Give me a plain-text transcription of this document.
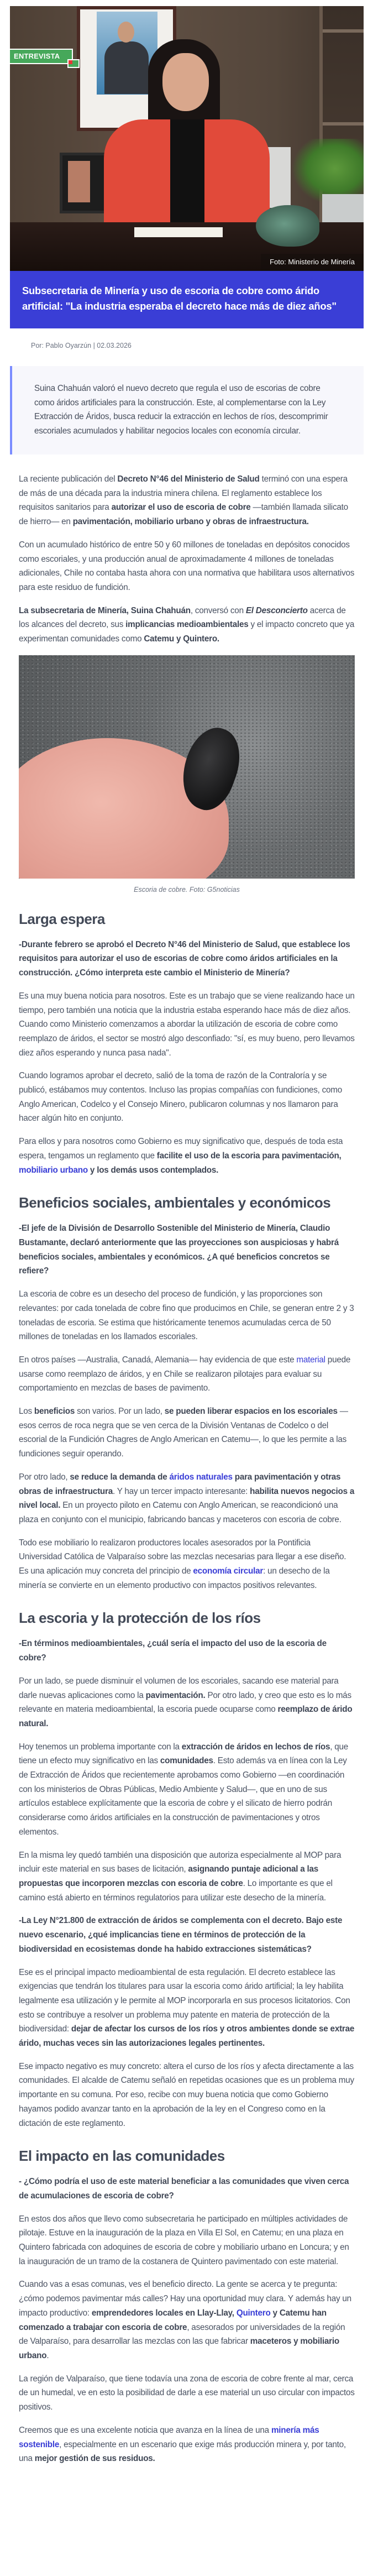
ENTREVISTA
Foto: Ministerio de Minería
Subsecretaria de Minería y uso de escoria de cobre como árido artificial: "La industria esperaba el decreto hace más de diez años"
Por: Pablo Oyarzún | 02.03.2026
Suina Chahuán valoró el nuevo decreto que regula el uso de escorias de cobre como áridos artificiales para la construcción. Este, al complementarse con la Ley Extracción de Áridos, busca reducir la extracción en lechos de ríos, descomprimir escoriales acumulados y habilitar negocios locales con economía circular.

La reciente publicación del Decreto N°46 del Ministerio de Salud terminó con una espera de más de una década para la industria minera chilena. El reglamento establece los requisitos sanitarios para autorizar el uso de escoria de cobre —también llamada silicato de hierro— en pavimentación, mobiliario urbano y obras de infraestructura.

Con un acumulado histórico de entre 50 y 60 millones de toneladas en depósitos conocidos como escoriales, y una producción anual de aproximadamente 4 millones de toneladas adicionales, Chile no contaba hasta ahora con una normativa que habilitara usos alternativos para este residuo de fundición.

La subsecretaria de Minería, Suina Chahuán, conversó con El Desconcierto acerca de los alcances del decreto, sus implicancias medioambientales y el impacto concreto que ya experimentan comunidades como Catemu y Quintero.

Escoria de cobre. Foto: G5noticias
Larga espera

-Durante febrero se aprobó el Decreto N°46 del Ministerio de Salud, que establece los requisitos para autorizar el uso de escorias de cobre como áridos artificiales en la construcción. ¿Cómo interpreta este cambio el Ministerio de Minería?

Es una muy buena noticia para nosotros. Este es un trabajo que se viene realizando hace un tiempo, pero también una noticia que la industria estaba esperando hace más de diez años. Cuando como Ministerio comenzamos a abordar la utilización de escoria de cobre como reemplazo de áridos, el sector se mostró algo desconfiado: "sí, es muy bueno, pero llevamos diez años esperando y nunca pasa nada".

Cuando logramos aprobar el decreto, salió de la toma de razón de la Contraloría y se publicó, estábamos muy contentos. Incluso las propias compañías con fundiciones, como Anglo American, Codelco y el Consejo Minero, publicaron columnas y nos llamaron para hacer algún hito en conjunto.

Para ellos y para nosotros como Gobierno es muy significativo que, después de toda esta espera, tengamos un reglamento que facilite el uso de la escoria para pavimentación, mobiliario urbano y los demás usos contemplados.

Beneficios sociales, ambientales y económicos

-El jefe de la División de Desarrollo Sostenible del Ministerio de Minería, Claudio Bustamante, declaró anteriormente que las proyecciones son auspiciosas y habrá beneficios sociales, ambientales y económicos. ¿A qué beneficios concretos se refiere?

La escoria de cobre es un desecho del proceso de fundición, y las proporciones son relevantes: por cada tonelada de cobre fino que producimos en Chile, se generan entre 2 y 3 toneladas de escoria. Se estima que históricamente tenemos acumuladas cerca de 50 millones de toneladas en los llamados escoriales.

En otros países —Australia, Canadá, Alemania— hay evidencia de que este material puede usarse como reemplazo de áridos, y en Chile se realizaron pilotajes para evaluar su comportamiento en mezclas de bases de pavimento.

Los beneficios son varios. Por un lado, se pueden liberar espacios en los escoriales —esos cerros de roca negra que se ven cerca de la División Ventanas de Codelco o del escorial de la Fundición Chagres de Anglo American en Catemu—, lo que les permite a las fundiciones seguir operando.

Por otro lado, se reduce la demanda de áridos naturales para pavimentación y otras obras de infraestructura. Y hay un tercer impacto interesante: habilita nuevos negocios a nivel local. En un proyecto piloto en Catemu con Anglo American, se reacondicionó una plaza en conjunto con el municipio, fabricando bancas y maceteros con escoria de cobre.

Todo ese mobiliario lo realizaron productores locales asesorados por la Pontificia Universidad Católica de Valparaíso sobre las mezclas necesarias para llegar a ese diseño. Es una aplicación muy concreta del principio de economía circular: un desecho de la minería se convierte en un elemento productivo con impactos positivos relevantes.

La escoria y la protección de los ríos

-En términos medioambientales, ¿cuál sería el impacto del uso de la escoria de cobre?

Por un lado, se puede disminuir el volumen de los escoriales, sacando ese material para darle nuevas aplicaciones como la pavimentación. Por otro lado, y creo que esto es lo más relevante en materia medioambiental, la escoria puede ocuparse como reemplazo de árido natural.

Hoy tenemos un problema importante con la extracción de áridos en lechos de ríos, que tiene un efecto muy significativo en las comunidades. Esto además va en línea con la Ley de Extracción de Áridos que recientemente aprobamos como Gobierno —en coordinación con los ministerios de Obras Públicas, Medio Ambiente y Salud—, que en uno de sus artículos establece explícitamente que la escoria de cobre y el silicato de hierro podrán considerarse como áridos artificiales en la construcción de pavimentaciones y otros elementos.

En la misma ley quedó también una disposición que autoriza especialmente al MOP para incluir este material en sus bases de licitación, asignando puntaje adicional a las propuestas que incorporen mezclas con escoria de cobre. Lo importante es que el camino está abierto en términos regulatorios para utilizar este desecho de la minería.

-La Ley N°21.800 de extracción de áridos se complementa con el decreto. Bajo este nuevo escenario, ¿qué implicancias tiene en términos de protección de la biodiversidad en ecosistemas donde ha habido extracciones sistemáticas?

Ese es el principal impacto medioambiental de esta regulación. El decreto establece las exigencias que tendrán los titulares para usar la escoria como árido artificial; la ley habilita legalmente esa utilización y le permite al MOP incorporarla en sus procesos licitatorios. Con esto se contribuye a resolver un problema muy patente en materia de protección de la biodiversidad: dejar de afectar los cursos de los ríos y otros ambientes donde se extrae árido, muchas veces sin las autorizaciones legales pertinentes.

Ese impacto negativo es muy concreto: altera el curso de los ríos y afecta directamente a las comunidades. El alcalde de Catemu señaló en repetidas ocasiones que es un problema muy importante en su comuna. Por eso, recibe con muy buena noticia que como Gobierno hayamos podido avanzar tanto en la aprobación de la ley en el Congreso como en la dictación de este reglamento.

El impacto en las comunidades

- ¿Cómo podría el uso de este material beneficiar a las comunidades que viven cerca de acumulaciones de escoria de cobre?

En estos dos años que llevo como subsecretaria he participado en múltiples actividades de pilotaje. Estuve en la inauguración de la plaza en Villa El Sol, en Catemu; en una plaza en Quintero fabricada con adoquines de escoria de cobre y mobiliario urbano en Loncura; y en la inauguración de un tramo de la costanera de Quintero pavimentado con este material.

Cuando vas a esas comunas, ves el beneficio directo. La gente se acerca y te pregunta: ¿cómo podemos pavimentar más calles? Hay una oportunidad muy clara. Y además hay un impacto productivo: emprendedores locales en Llay-Llay, Quintero y Catemu han comenzado a trabajar con escoria de cobre, asesorados por universidades de la región de Valparaíso, para desarrollar las mezclas con las que fabricar maceteros y mobiliario urbano.

La región de Valparaíso, que tiene todavía una zona de escoria de cobre frente al mar, cerca de un humedal, ve en esto la posibilidad de darle a ese material un uso circular con impactos positivos.

Creemos que es una excelente noticia que avanza en la línea de una minería más sostenible, especialmente en un escenario que exige más producción minera y, por tanto, una mejor gestión de sus residuos.
